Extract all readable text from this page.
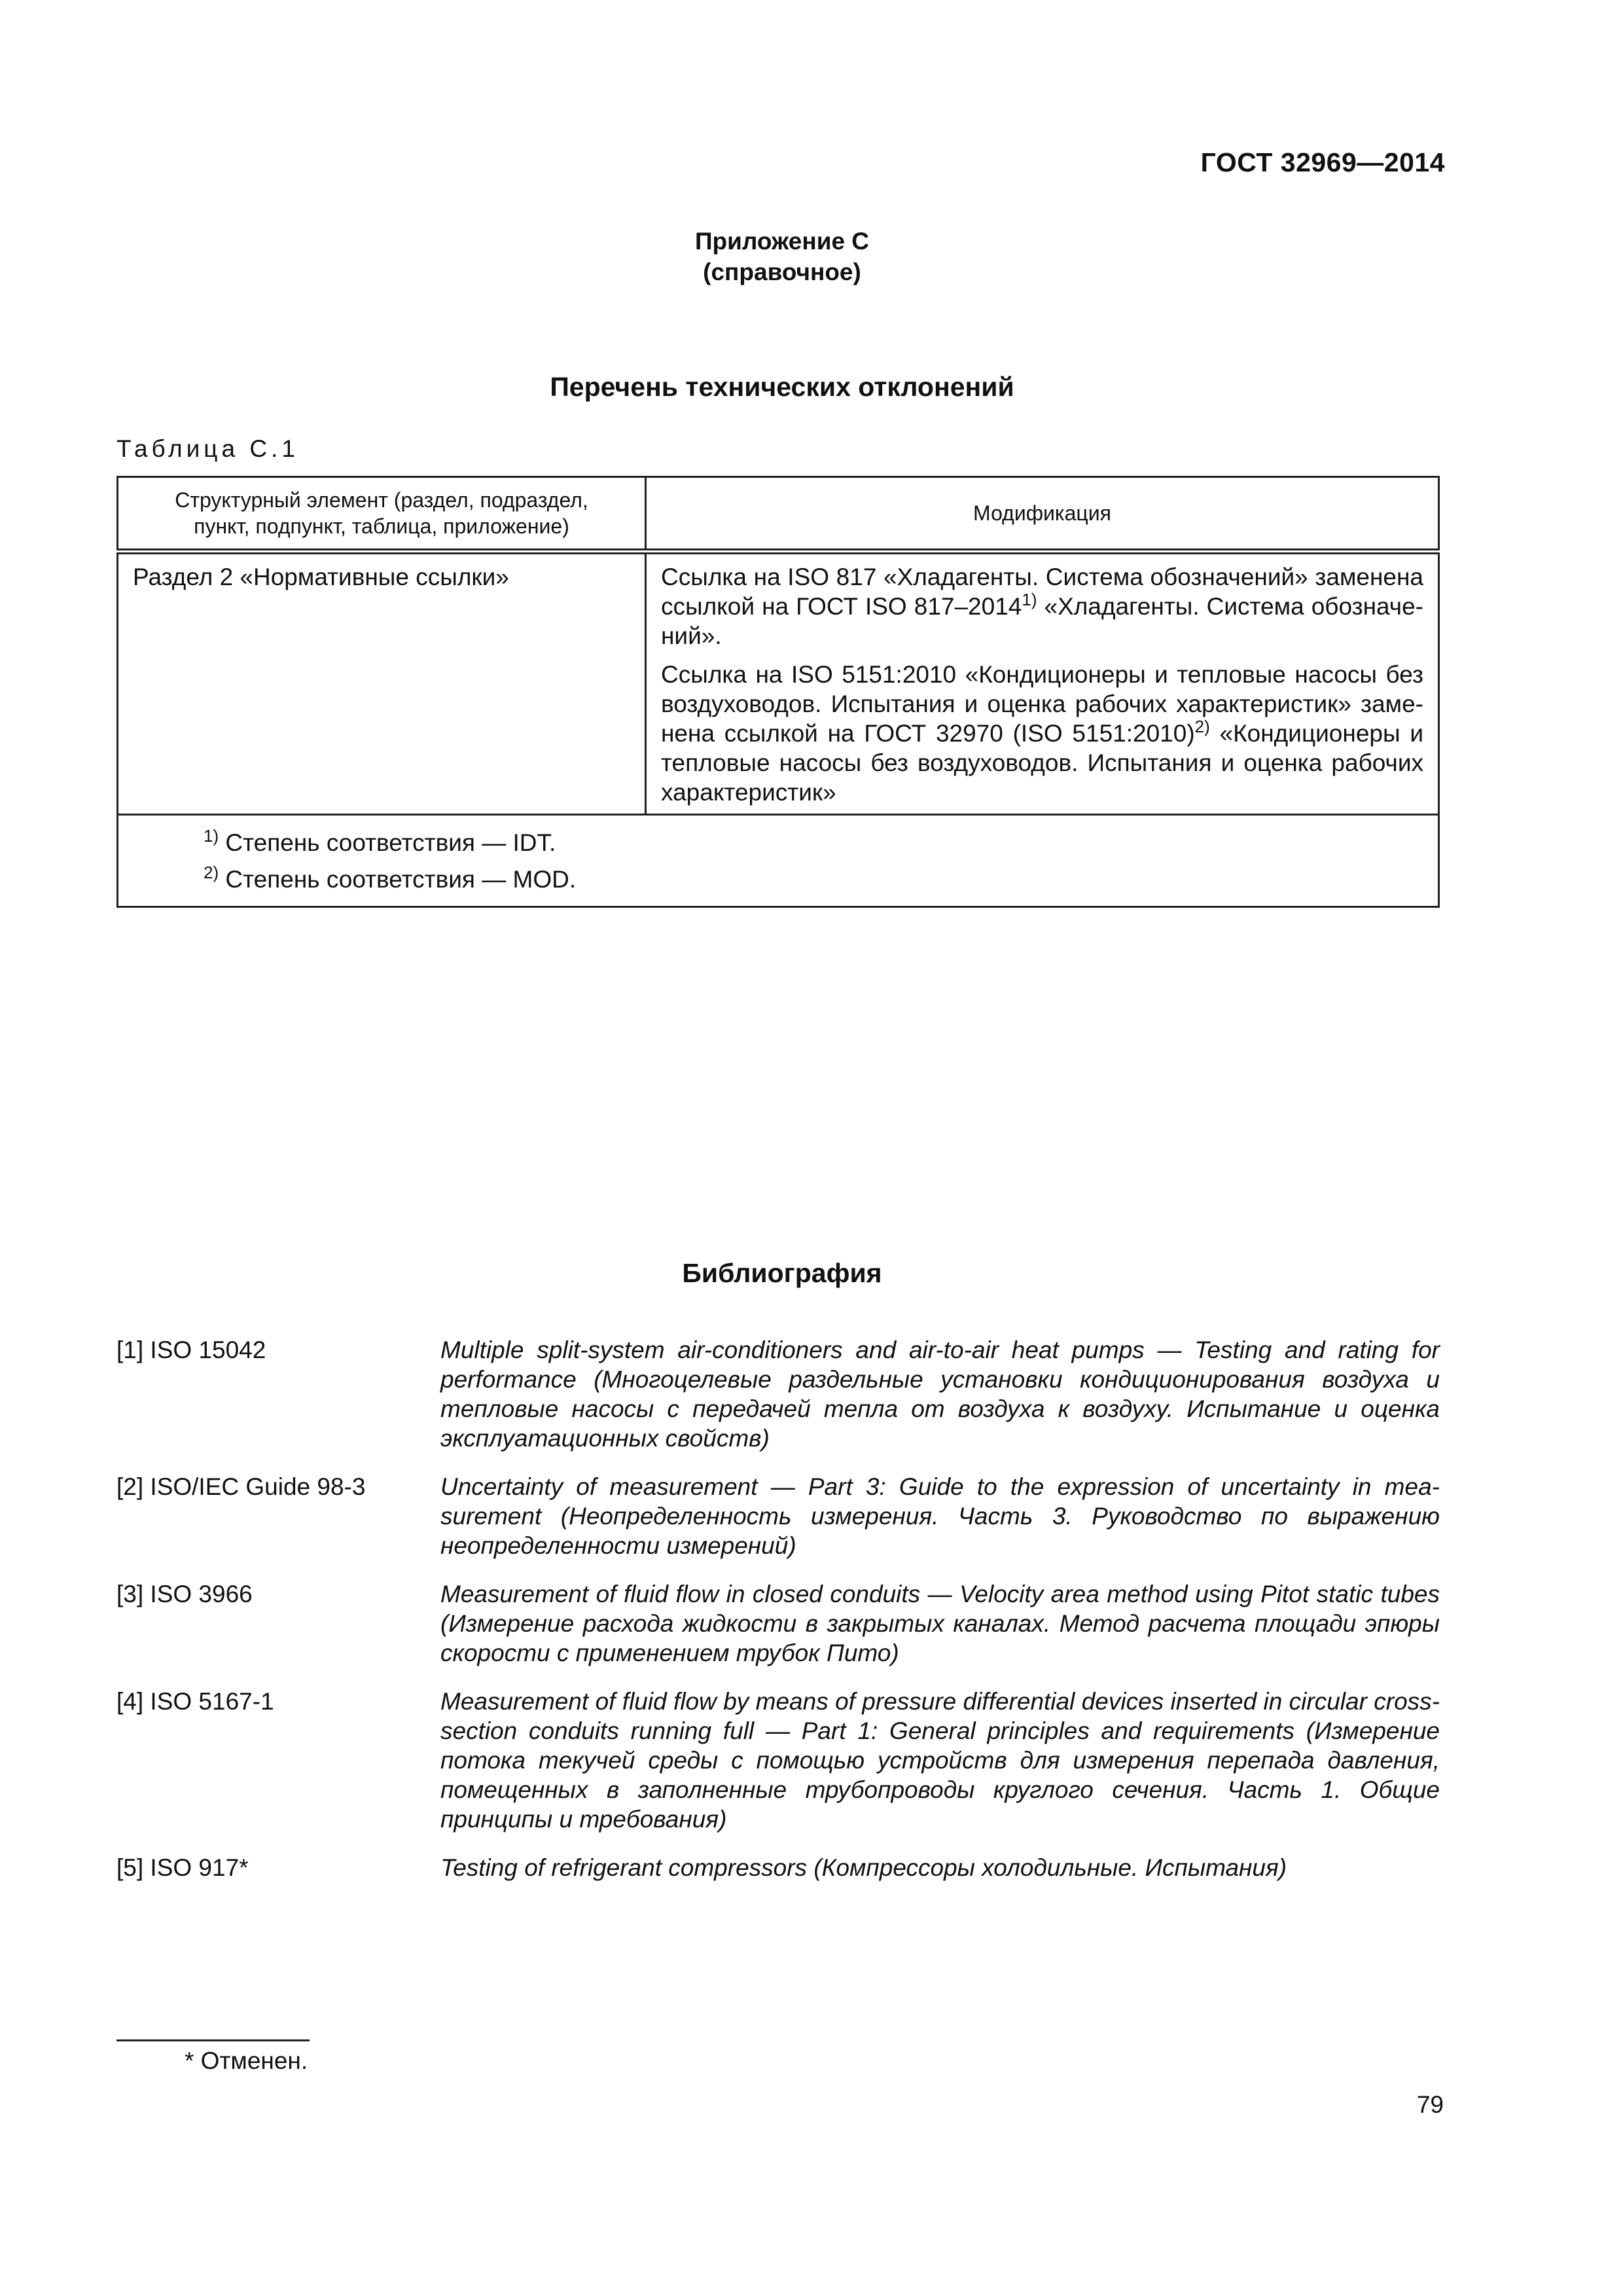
ГОСТ 32969—2014
Приложение С
(справочное)
Перечень технических отклонений
Таблица С.1
Структурный элемент (раздел, подраздел, пункт, подпункт, таблица, приложение)	Модификация
Раздел 2 «Нормативные ссылки»	Ссылка на ISO 817 «Хладагенты. Система обозначений» заменена ссылкой на ГОСТ ISO 817–2014$^{1)}$ «Хладагенты. Система обозначений».

Ссылка на ISO 5151:2010 «Кондиционеры и тепловые насосы без воздуховодов. Испытания и оценка рабочих характеристик» заменена ссылкой на ГОСТ 32970 (ISO 5151:2010)$^{2)}$ «Кондиционеры и тепловые насосы без воздуховодов. Испытания и оценка рабочих характеристик»

$^{1)}$ Степень соответствия — IDT.
$^{2)}$ Степень соответствия — MOD.	
Библиография
[1] ISO 15042	Multiple split-system air-conditioners and air-to-air heat pumps — Testing and rating for performance (Многоцелевые раздельные установки кондиционирования воздуха и тепловые насосы с передачей тепла от воздуха к воздуху. Испытание и оценка эксплуатационных свойств)
[2] ISO/IEC Guide 98-3	Uncertainty of measurement — Part 3: Guide to the expression of uncertainty in measurement (Неопределенность измерения. Часть 3. Руководство по выражению неопределенности измерений)
[3] ISO 3966	Measurement of fluid flow in closed conduits — Velocity area method using Pitot static tubes (Измерение расхода жидкости в закрытых каналах. Метод расчета площади эпюры скорости с применением трубок Пито)
[4] ISO 5167-1	Measurement of fluid flow by means of pressure differential devices inserted in circular cross-section conduits running full — Part 1: General principles and requirements (Измерение потока текучей среды с помощью устройств для измерения перепада давления, помещенных в заполненные трубопроводы круглого сечения. Часть 1. Общие принципы и требования)
[5] ISO 917*	Testing of refrigerant compressors (Компрессоры холодильные. Испытания)
* Отменен.
79
